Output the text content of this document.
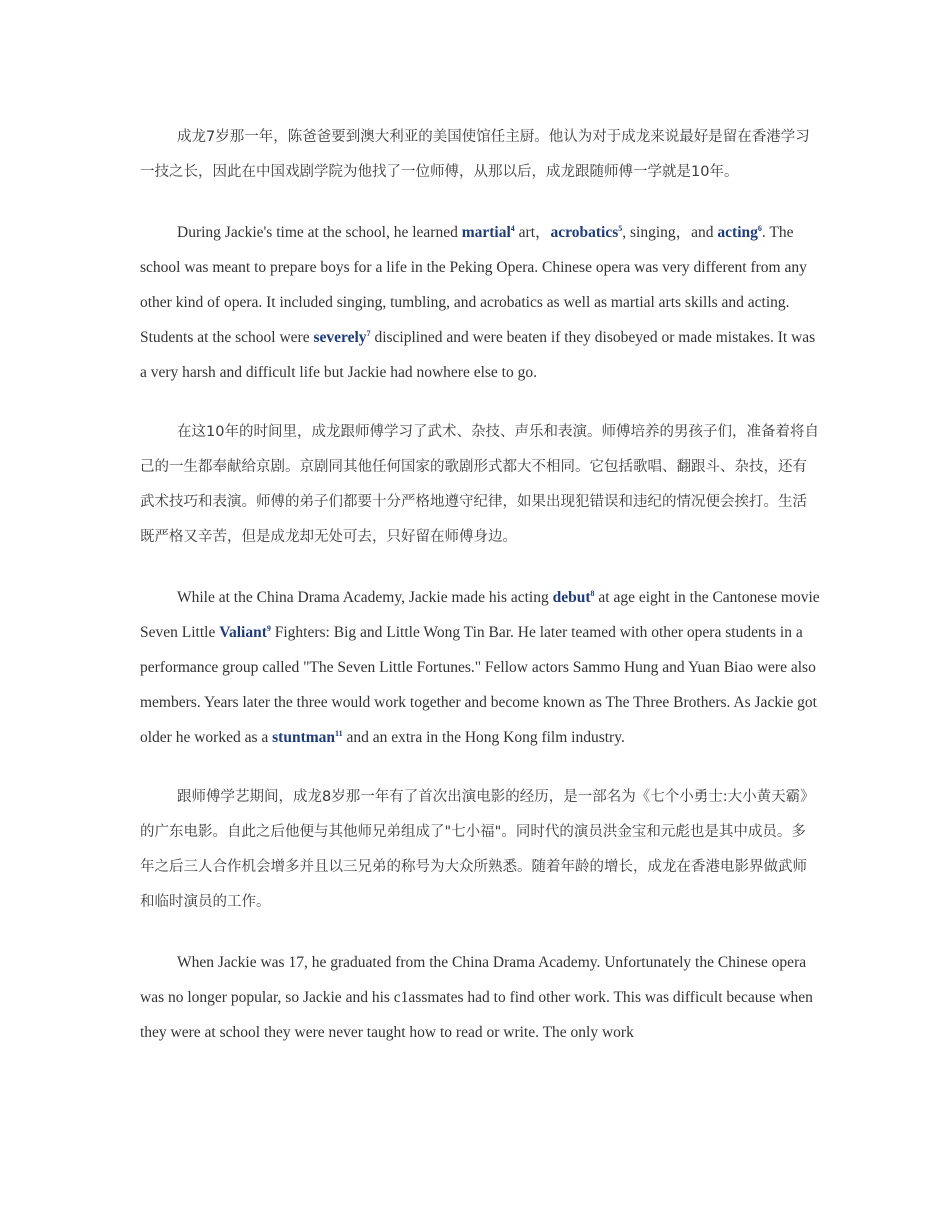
成龙7岁那一年，陈爸爸要到澳大利亚的美国使馆任主厨。他认为对于成龙来说最好是留在香港学习一技之长，因此在中国戏剧学院为他找了一位师傅，从那以后，成龙跟随师傅一学就是10年。

During Jackie's time at the school, he learned martial$^4$ art，acrobatics$^5$, singing，and acting$^6$. The school was meant to prepare boys for a life in the Peking Opera. Chinese opera was very different from any other kind of opera. It included singing, tumbling, and acrobatics as well as martial arts skills and acting. Students at the school were severely$^7$ disciplined and were beaten if they disobeyed or made mistakes. It was a very harsh and difficult life but Jackie had nowhere else to go.

在这10年的时间里，成龙跟师傅学习了武术、杂技、声乐和表演。师傅培养的男孩子们，准备着将自己的一生都奉献给京剧。京剧同其他任何国家的歌剧形式都大不相同。它包括歌唱、翻跟斗、杂技，还有武术技巧和表演。师傅的弟子们都要十分严格地遵守纪律，如果出现犯错误和违纪的情况便会挨打。生活既严格又辛苦，但是成龙却无处可去，只好留在师傅身边。

While at the China Drama Academy, Jackie made his acting debut$^8$ at age eight in the Cantonese movie Seven Little Valiant$^9$ Fighters: Big and Little Wong Tin Bar. He later teamed with other opera students in a performance group called "The Seven Little Fortunes." Fellow actors Sammo Hung and Yuan Biao were also members. Years later the three would work together and become known as The Three Brothers. As Jackie got older he worked as a stuntman$^{11}$ and an extra in the Hong Kong film industry.

跟师傅学艺期间，成龙8岁那一年有了首次出演电影的经历，是一部名为《七个小勇士:大小黄天霸》的广东电影。自此之后他便与其他师兄弟组成了"七小福"。同时代的演员洪金宝和元彪也是其中成员。多年之后三人合作机会增多并且以三兄弟的称号为大众所熟悉。随着年龄的增长，成龙在香港电影界做武师和临时演员的工作。

When Jackie was 17, he graduated from the China Drama Academy. Unfortunately the Chinese opera was no longer popular, so Jackie and his c1assmates had to find other work. This was difficult because when they were at school they were never taught how to read or write. The only work
